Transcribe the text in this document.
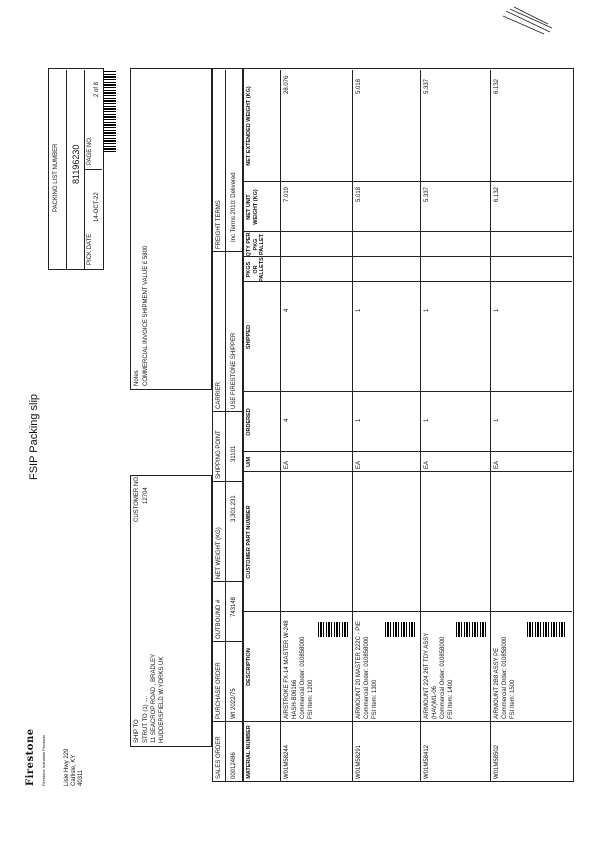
Firestone Firestone Industrial Products	Lisle Hwy 229 Carlisle, KY 40311
FSIP Packing slip
PACKING LIST NUMBER 81196230
PICK DATE
14-OCT-22
PAGE NO.
2 of 8
SHIP TO
CUSTOMER NO. 12704
STRUT TO (1) .... 11 SEACROP ROAD , BRADLEY HUDDERSFIELD W.YORKS UK
Notes COMMERCIAL INVOICE SHIPMENT VALUE £ 5800
SALES ORDER
PURCHASE ORDER
OUTBOUND #
NET WEIGHT (KG)
SHIPPING POINT
CARRIER
FREIGHT TERMS
00012486
Wt 2022/75
743148
3,301.231
31101
USE FIRESTONE SHIPPER
Inc Terms 2010: Delivered
MATERIAL NUMBER
DESCRIPTION
CUSTOMER PART NUMBER
U/M
ORDERED
SHIPPED
PKGS OR PALLETS
QTY PER PKG PALLET
NET UNIT WEIGHT (KG)
NET EXTENDED WEIGHT (KG)
W01M58244
AIRSTROKE FX-14 MASTER W-248 HASH-B06166 Commercial Order: 010858000 FSI Item: 1200
EA
4
4
7.019
28.076
W01M58291
AIRMOUNT 20 MASTER 222C - PIE Commercial Order: 010858000 FSI Item: 1300
EA
1
1
5.018
5.018
W01M58412
AIRMOUNT 224 26T TDY ASSY (HAV)M1-06 Commercial Order: 010858000 FSI Item: 1400
EA
1
1
5.337
5.337
W01M58502
AIRMOUNT 2B8 ASSY PE Commercial Order: 010858000 FSI Item: 1500
EA
1
1
6.132
6.132
